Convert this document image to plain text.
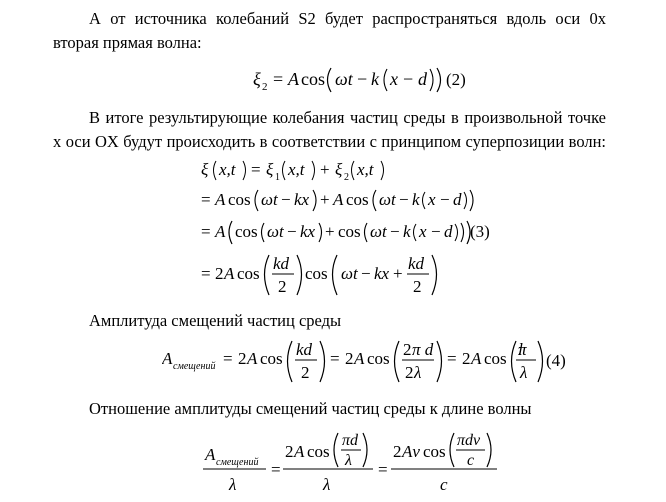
А от источника колебаний S2 будет распространяться вдоль оси 0x
вторая прямая волна:
ξ 2 = A cos ωt − k x − d (2)
В итоге результирующие колебания частиц среды в произвольной точке
x оси OX будут происходить в соответствии с принципом суперпозиции волн:
ξ x,t = ξ 1 x,t + ξ 2 x,t
= A cos ωt − kx + A cos ωt − k x − d
= A cos ωt − kx + cos ωt − k x − d
= 2 A cos
kd
2
cos ωt − kx +
kd
2
(3)
Амплитуда смещений частиц среды
A смещений = 2 A cos kd
2
= 2 A cos 2 π d
2 λ
= 2 A cos π
λ
(4)
Отношение амплитуды смещений частиц среды к длине волны
A смещений
λ
=
2 A cos
πd
λ
λ
=
2 Aν cos
πdν
c
c
